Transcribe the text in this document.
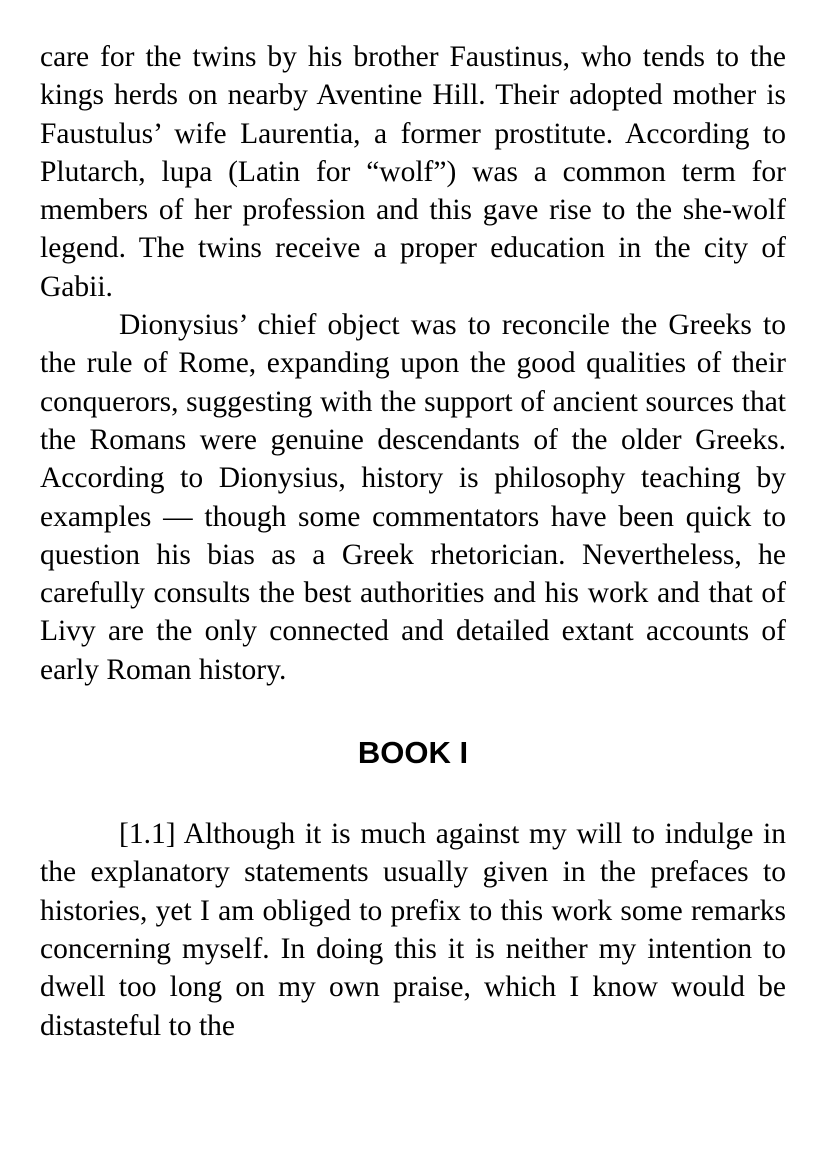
care for the twins by his brother Faustinus, who tends to the kings herds on nearby Aventine Hill. Their adopted mother is Faustulus’ wife Laurentia, a former prostitute. According to Plutarch, lupa (Latin for “wolf”) was a common term for members of her profession and this gave rise to the she-wolf legend. The twins receive a proper education in the city of Gabii.

Dionysius’ chief object was to reconcile the Greeks to the rule of Rome, expanding upon the good qualities of their conquerors, suggesting with the support of ancient sources that the Romans were genuine descendants of the older Greeks. According to Dionysius, history is philosophy teaching by examples — though some commentators have been quick to question his bias as a Greek rhetorician. Nevertheless, he carefully consults the best authorities and his work and that of Livy are the only connected and detailed extant accounts of early Roman history.

BOOK I

[1.1] Although it is much against my will to indulge in the explanatory statements usually given in the prefaces to histories, yet I am obliged to prefix to this work some remarks concerning myself. In doing this it is neither my intention to dwell too long on my own praise, which I know would be distasteful to the
